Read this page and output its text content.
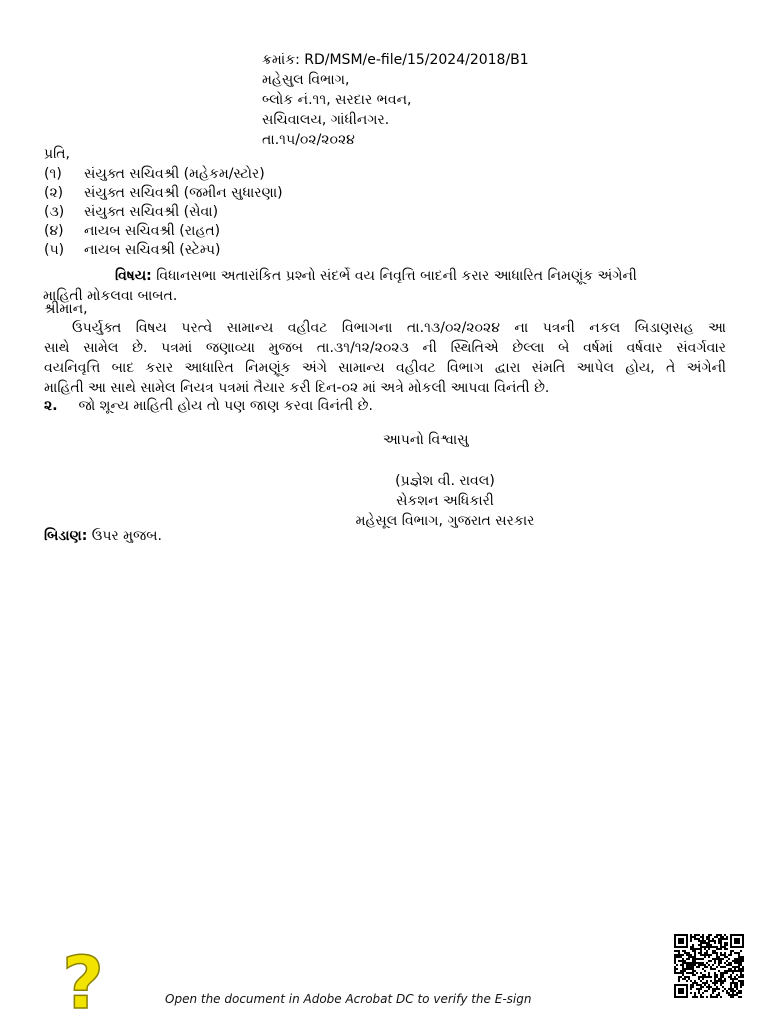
ક્રમાંક: RD/MSM/e-file/15/2024/2018/B1
મહેસુલ વિભાગ,
બ્લોક નં.૧૧, સરદાર ભવન,
સચિવાલય, ગાંધીનગર.
તા.૧૫/૦૨/૨૦૨૪
પ્રતિ,
(૧)	સંયુક્ત સચિવશ્રી (મહેકમ/સ્ટોર)
(૨)	સંયુક્ત સચિવશ્રી (જમીન સુધારણા)
(૩)	સંયુક્ત સચિવશ્રી (સેવા)
(૪)	નાયબ સચિવશ્રી (રાહત)
(૫)	નાયબ સચિવશ્રી (સ્ટેમ્પ)
વિષય: વિધાનસભા અતારાંકિત પ્રશ્નો સંદર્ભે વય નિવૃત્તિ બાદની કરાર આધારિત નિમણૂંક અંગેની
માહિતી મોકલવા બાબત.
શ્રીમાન,
ઉપર્યુક્ત વિષય પરત્વે સામાન્ય વહીવટ વિભાગના તા.૧૩/૦૨/૨૦૨૪ ના પત્રની નકલ બિડાણસહ આ
સાથે સામેલ છે. પત્રમાં જણાવ્યા મુજબ તા.૩૧/૧૨/૨૦૨૩ ની સ્થિતિએ છેલ્લા બે વર્ષમાં વર્ષવાર સંવર્ગવાર
વયનિવૃત્તિ બાદ કરાર આધારિત નિમણૂંક અંગે સામાન્ય વહીવટ વિભાગ દ્વારા સંમતિ આપેલ હોય, તે અંગેની
માહિતી આ સાથે સામેલ નિયત્ર પત્રમાં તૈયાર કરી દિન-૦૨ માં અત્રે મોકલી આપવા વિનંતી છે.
૨. જો શૂન્ય માહિતી હોય તો પણ જાણ કરવા વિનંતી છે.
આપનો વિશ્વાસુ
(પ્રજ્ઞેશ વી. રાવલ)
સેકશન અધિકારી
મહેસૂલ વિભાગ, ગુજરાત સરકાર
બિડાણ: ઉપર મુજબ.
?	Open the document in Adobe Acrobat DC to verify the E-sign
